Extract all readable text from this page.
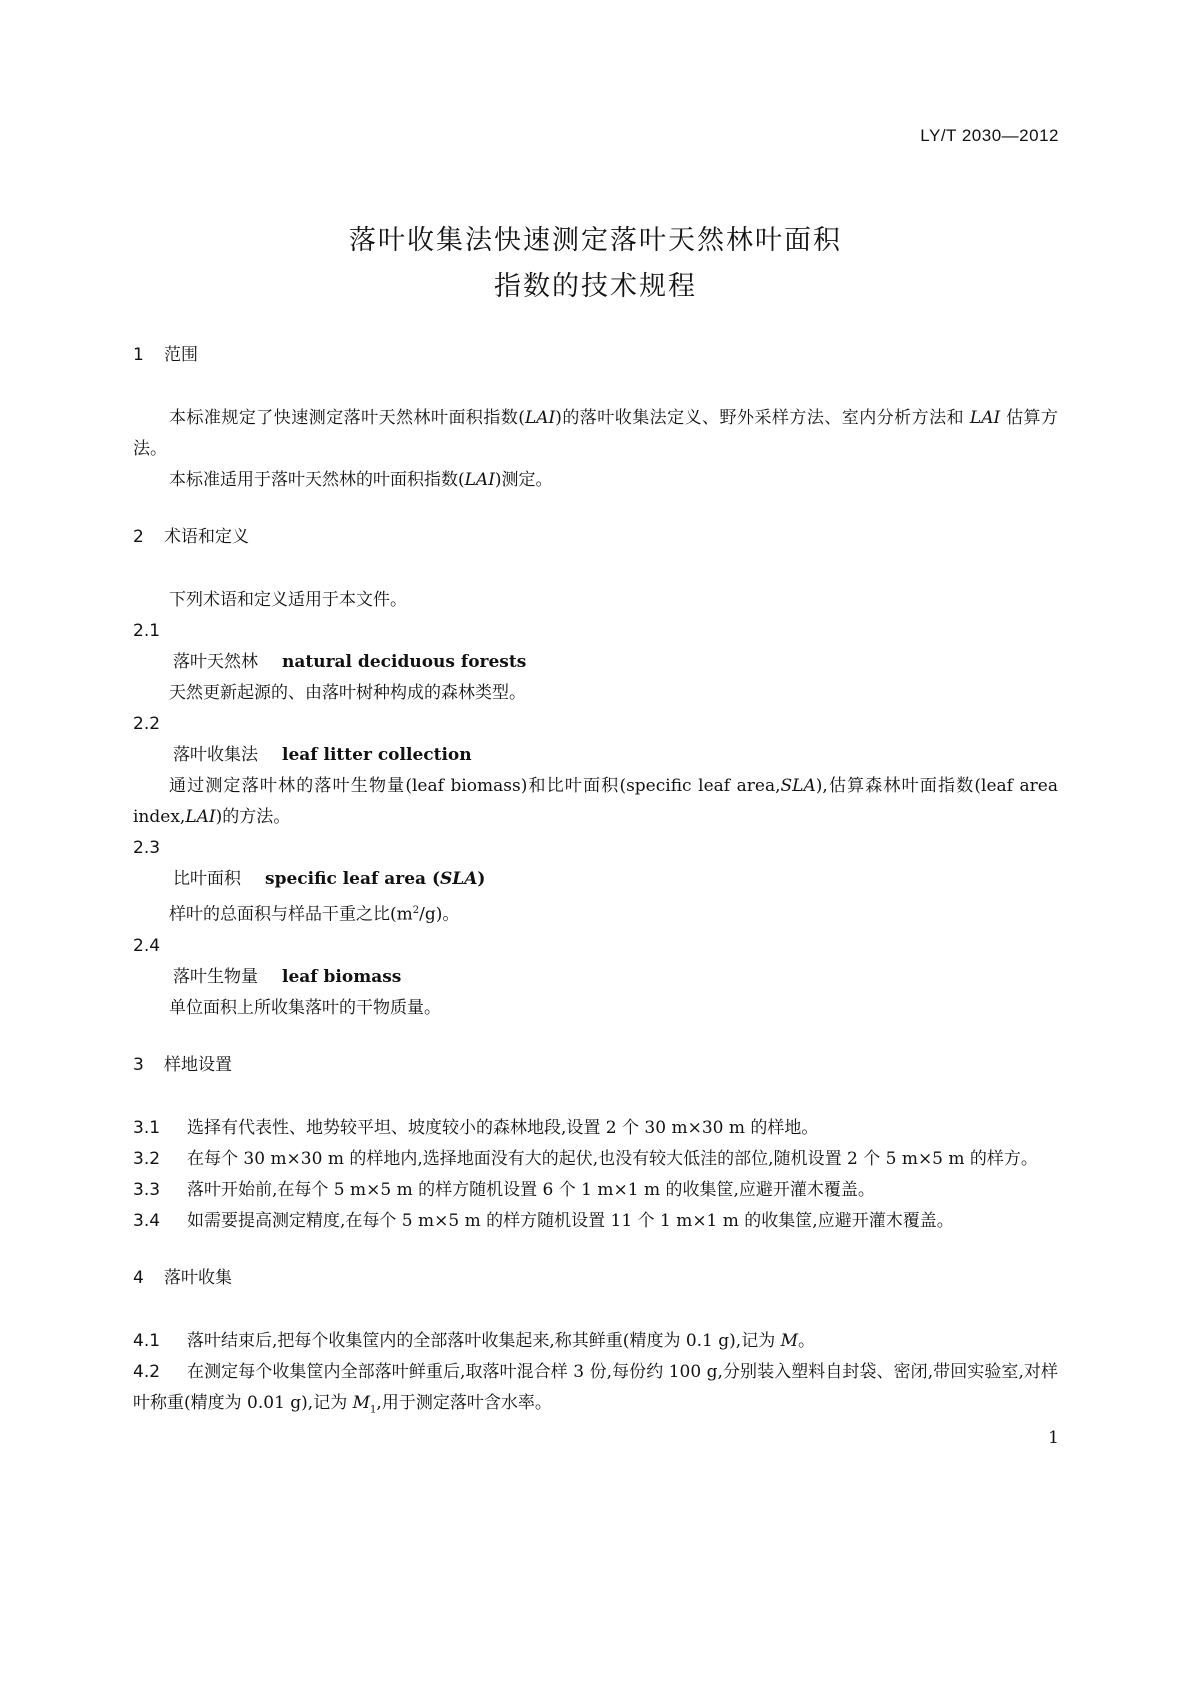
LY/T 2030—2012
落叶收集法快速测定落叶天然林叶面积
指数的技术规程
1 范围

本标准规定了快速测定落叶天然林叶面积指数(LAI)的落叶收集法定义、野外采样方法、室内分析方法和 LAI 估算方法。

本标准适用于落叶天然林的叶面积指数(LAI)测定。

2 术语和定义

下列术语和定义适用于本文件。

2.1

落叶天然林 natural deciduous forests

天然更新起源的、由落叶树种构成的森林类型。

2.2

落叶收集法 leaf litter collection

通过测定落叶林的落叶生物量(leaf biomass)和比叶面积(specific leaf area,SLA),估算森林叶面指数(leaf area index,LAI)的方法。

2.3

比叶面积 specific leaf area (SLA)

样叶的总面积与样品干重之比$(m^2/g)$。

2.4

落叶生物量 leaf biomass

单位面积上所收集落叶的干物质量。

3 样地设置

3.1 选择有代表性、地势较平坦、坡度较小的森林地段,设置 2 个 30 m×30 m 的样地。

3.2 在每个 30 m×30 m 的样地内,选择地面没有大的起伏,也没有较大低洼的部位,随机设置 2 个 5 m×5 m 的样方。

3.3 落叶开始前,在每个 5 m×5 m 的样方随机设置 6 个 1 m×1 m 的收集筐,应避开灌木覆盖。

3.4 如需要提高测定精度,在每个 5 m×5 m 的样方随机设置 11 个 1 m×1 m 的收集筐,应避开灌木覆盖。

4 落叶收集

4.1 落叶结束后,把每个收集筐内的全部落叶收集起来,称其鲜重(精度为 0.1 g),记为 M。

4.2 在测定每个收集筐内全部落叶鲜重后,取落叶混合样 3 份,每份约 100 g,分别装入塑料自封袋、密闭,带回实验室,对样叶称重(精度为 0.01 g),记为 $M_1$,用于测定落叶含水率。

1
